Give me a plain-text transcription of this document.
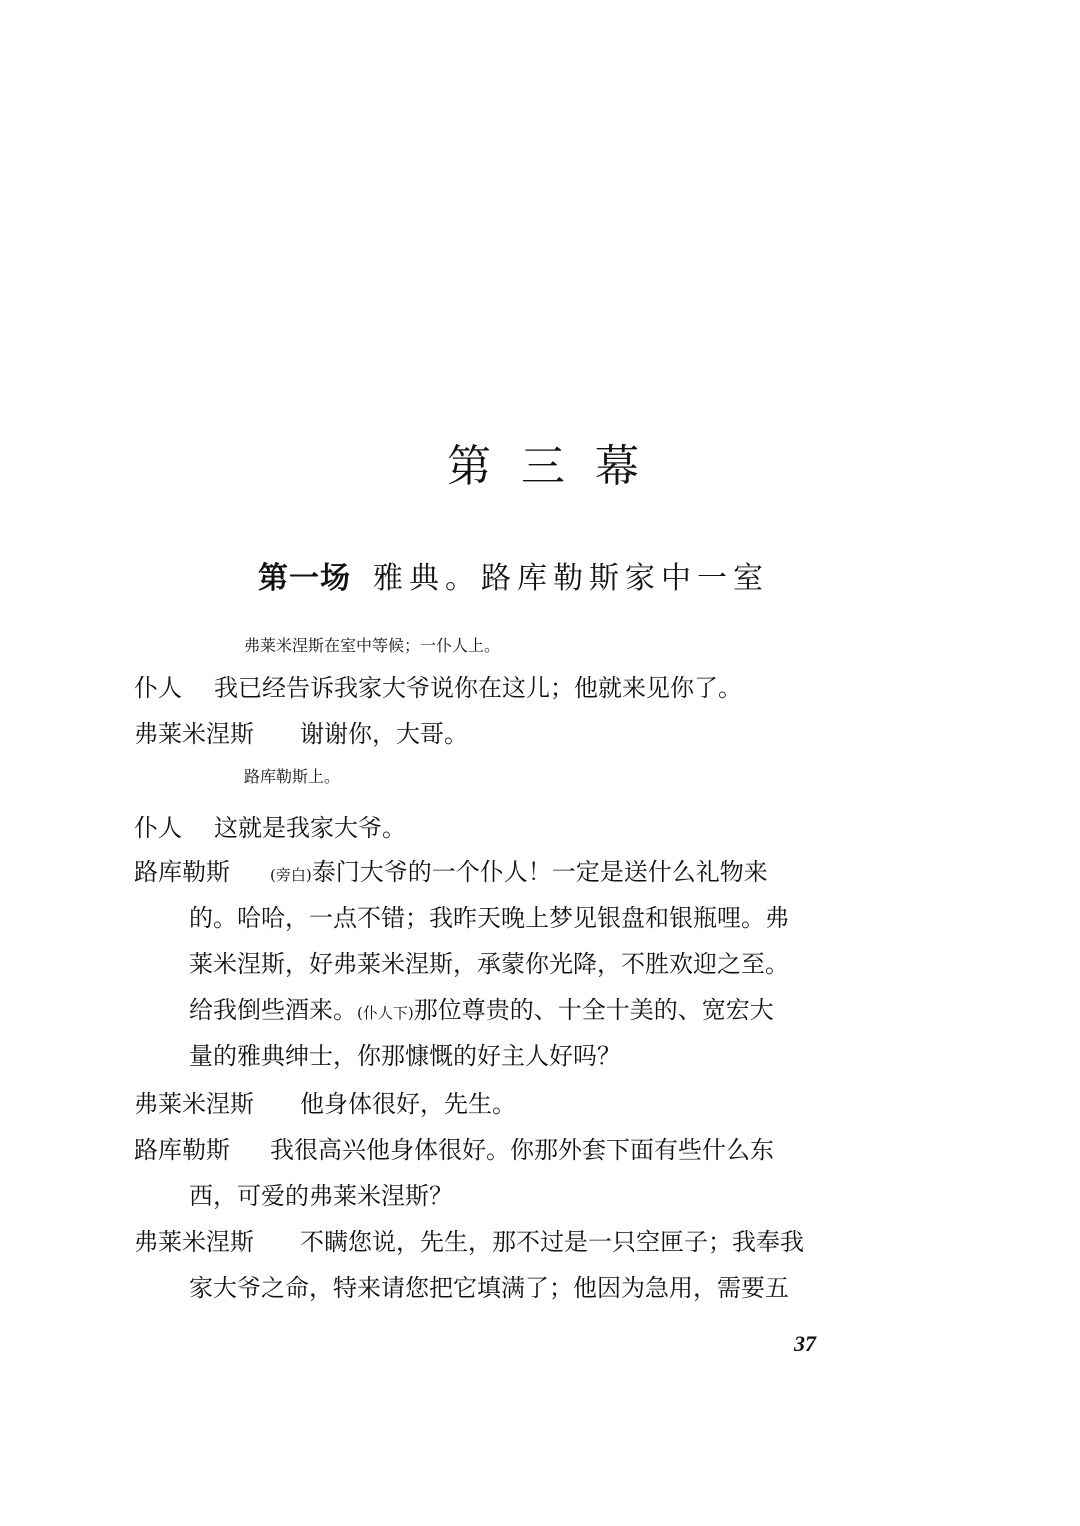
第三幕
第一场 雅典。路库勒斯家中一室
弗莱米涅斯在室中等候；一仆人上。
仆人 我已经告诉我家大爷说你在这儿；他就来见你了。
弗莱米涅斯 谢谢你，大哥。
路库勒斯上。
仆人 这就是我家大爷。
路库勒斯	(旁白)泰门大爷的一个仆人！一定是送什么礼物来
的。哈哈，一点不错；我昨天晚上梦见银盘和银瓶哩。弗
莱米涅斯，好弗莱米涅斯，承蒙你光降，不胜欢迎之至。
给我倒些酒来。(仆人下)那位尊贵的、十全十美的、宽宏大
量的雅典绅士，你那慷慨的好主人好吗？
弗莱米涅斯 他身体很好，先生。
路库勒斯 我很高兴他身体很好。你那外套下面有些什么东
西，可爱的弗莱米涅斯？
弗莱米涅斯 不瞒您说，先生，那不过是一只空匣子；我奉我
家大爷之命，特来请您把它填满了；他因为急用，需要五
37
